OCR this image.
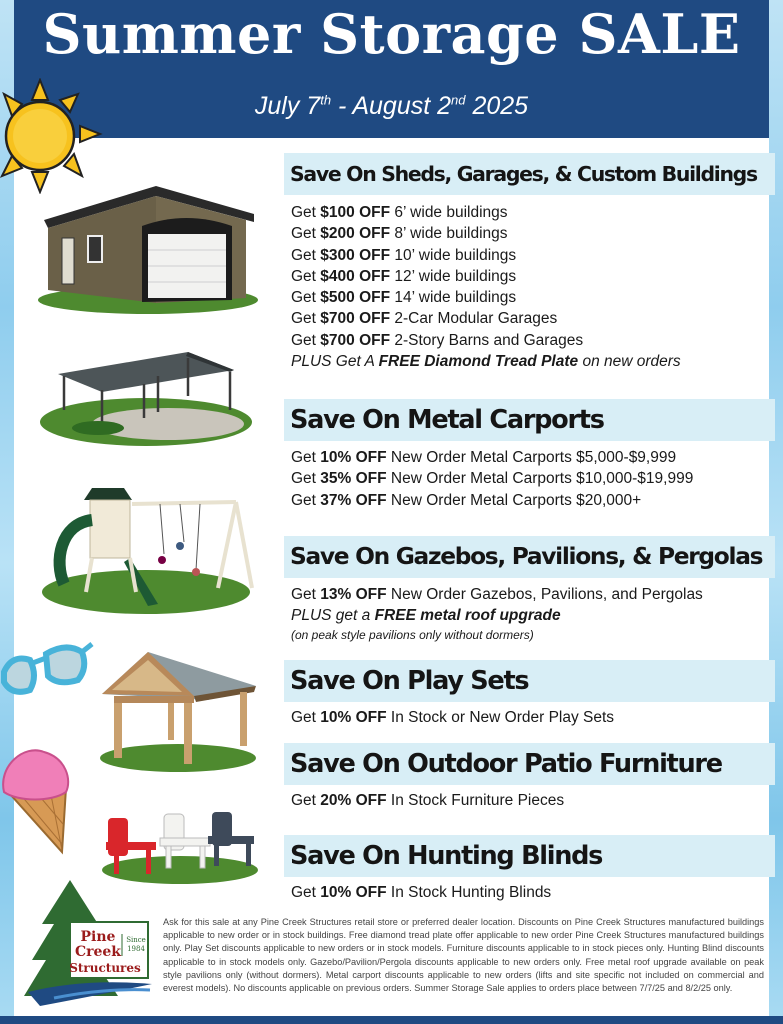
Summer Storage SALE
July 7th - August 2nd 2025
Pine
Creek
Structures
Since
1984
Save On Sheds, Garages, & Custom Buildings
Get $100 OFF 6’ wide buildings
Get $200 OFF 8’ wide buildings
Get $300 OFF 10’ wide buildings
Get $400 OFF 12’ wide buildings
Get $500 OFF 14’ wide buildings
Get $700 OFF 2-Car Modular Garages
Get $700 OFF 2-Story Barns and Garages
PLUS Get A FREE Diamond Tread Plate on new orders
Save On Metal Carports
Get 10% OFF New Order Metal Carports $5,000-$9,999
Get 35% OFF New Order Metal Carports $10,000-$19,999
Get 37% OFF New Order Metal Carports $20,000+
Save On Gazebos, Pavilions, & Pergolas
Get 13% OFF New Order Gazebos, Pavilions, and Pergolas
PLUS get a FREE metal roof upgrade
(on peak style pavilions only without dormers)
Save On Play Sets
Get 10% OFF In Stock or New Order Play Sets
Save On Outdoor Patio Furniture
Get 20% OFF In Stock Furniture Pieces
Save On Hunting Blinds
Get 10% OFF In Stock Hunting Blinds
Ask for this sale at any Pine Creek Structures retail store or preferred dealer location. Discounts on Pine Creek Structures manufactured buildings applicable to new order or in stock buildings. Free diamond tread plate offer applicable to new order Pine Creek Structures manufactured buildings only. Play Set discounts applicable to new orders or in stock models. Furniture discounts applicable to in stock pieces only. Hunting Blind discounts applicable to in stock models only. Gazebo/Pavilion/Pergola discounts applicable to new orders only. Free metal roof upgrade available on peak style pavilions only (without dormers). Metal carport discounts applicable to new orders (lifts and site specific not included on commercial and everest models). No discounts applicable on previous orders. Summer Storage Sale applies to orders place between 7/7/25 and 8/2/25 only.
